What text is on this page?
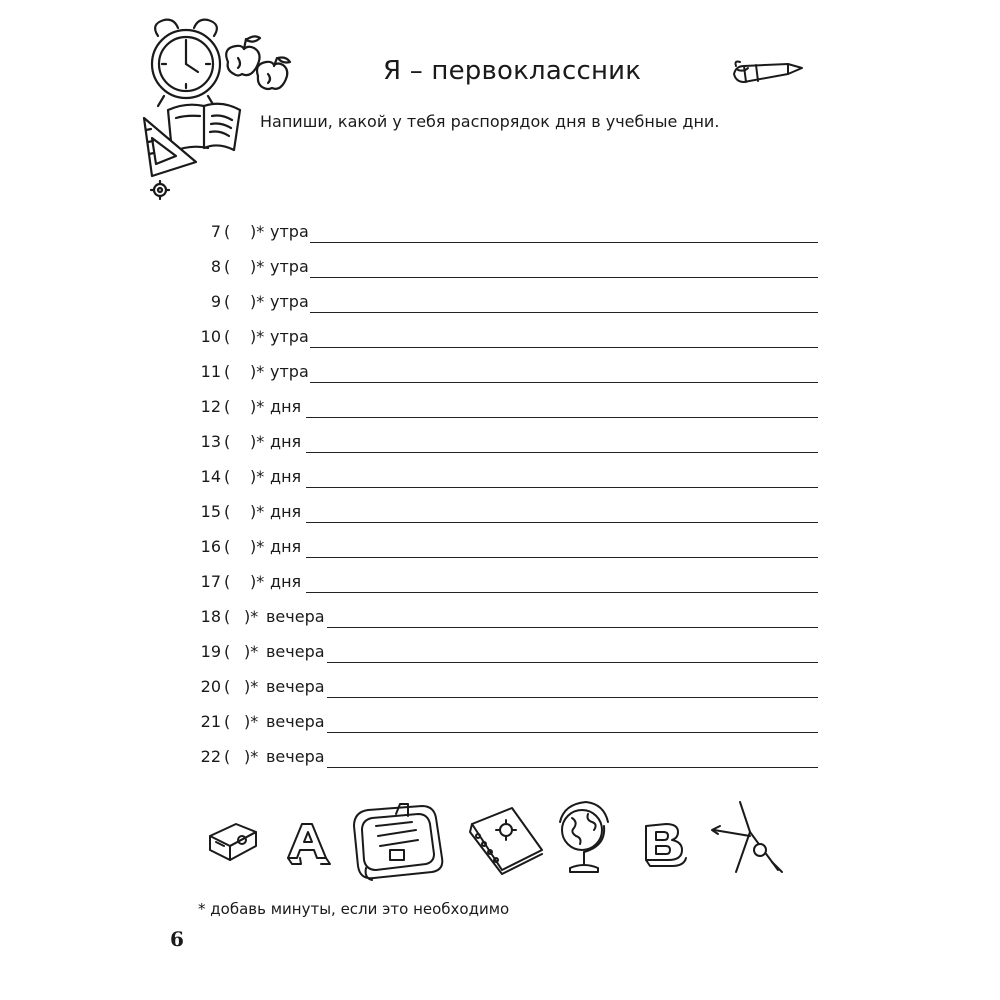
Я – первоклассник
Напиши, какой у тебя распорядок дня в учебные дни.
7 ( )* утра
8 ( )* утра
9 ( )* утра
10 ( )* утра
11 ( )* утра
12 ( )* дня
13 ( )* дня
14 ( )* дня
15 ( )* дня
16 ( )* дня
17 ( )* дня
18 ( )* вечера
19 ( )* вечера
20 ( )* вечера
21 ( )* вечера
22 ( )* вечера
* добавь минуты, если это необходимо
6
